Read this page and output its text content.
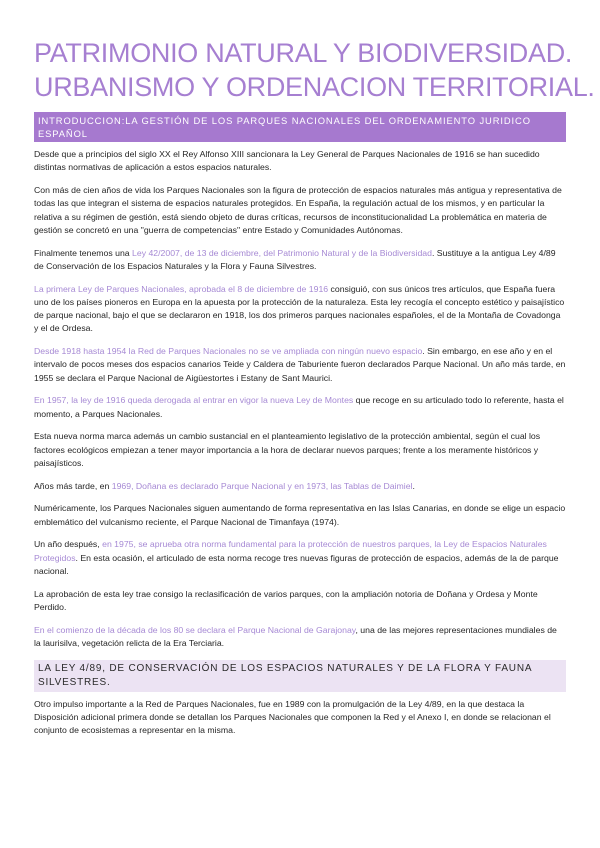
PATRIMONIO NATURAL Y BIODIVERSIDAD.
URBANISMO Y ORDENACION TERRITORIAL.
INTRODUCCION:LA GESTIÓN DE LOS PARQUES NACIONALES DEL ORDENAMIENTO JURIDICO ESPAÑOL

Desde que a principios del siglo XX el Rey Alfonso XIII sancionara la Ley General de Parques Nacionales de 1916 se han sucedido distintas normativas de aplicación a estos espacios naturales.

Con más de cien años de vida los Parques Nacionales son la figura de protección de espacios naturales más antigua y representativa de todas las que integran el sistema de espacios naturales protegidos. En España, la regulación actual de los mismos, y en particular la relativa a su régimen de gestión, está siendo objeto de duras críticas, recursos de inconstitucionalidad La problemática en materia de gestión se concretó en una "guerra de competencias" entre Estado y Comunidades Autónomas.

Finalmente tenemos una Ley 42/2007, de 13 de diciembre, del Patrimonio Natural y de la Biodiversidad. Sustituye a la antigua Ley 4/89 de Conservación de los Espacios Naturales y la Flora y Fauna Silvestres.

La primera Ley de Parques Nacionales, aprobada el 8 de diciembre de 1916 consiguió, con sus únicos tres artículos, que España fuera uno de los países pioneros en Europa en la apuesta por la protección de la naturaleza. Esta ley recogía el concepto estético y paisajístico de parque nacional, bajo el que se declararon en 1918, los dos primeros parques nacionales españoles, el de la Montaña de Covadonga y el de Ordesa.

Desde 1918 hasta 1954 la Red de Parques Nacionales no se ve ampliada con ningún nuevo espacio. Sin embargo, en ese año y en el intervalo de pocos meses dos espacios canarios Teide y Caldera de Taburiente fueron declarados Parque Nacional. Un año más tarde, en 1955 se declara el Parque Nacional de Aigüestortes i Estany de Sant Maurici.

En 1957, la ley de 1916 queda derogada al entrar en vigor la nueva Ley de Montes que recoge en su articulado todo lo referente, hasta el momento, a Parques Nacionales.

Esta nueva norma marca además un cambio sustancial en el planteamiento legislativo de la protección ambiental, según el cual los factores ecológicos empiezan a tener mayor importancia a la hora de declarar nuevos parques; frente a los meramente históricos y paisajísticos.

Años más tarde, en 1969, Doñana es declarado Parque Nacional y en 1973, las Tablas de Daimiel.

Numéricamente, los Parques Nacionales siguen aumentando de forma representativa en las Islas Canarias, en donde se elige un espacio emblemático del vulcanismo reciente, el Parque Nacional de Timanfaya (1974).

Un año después, en 1975, se aprueba otra norma fundamental para la protección de nuestros parques, la Ley de Espacios Naturales Protegidos. En esta ocasión, el articulado de esta norma recoge tres nuevas figuras de protección de espacios, además de la de parque nacional.

La aprobación de esta ley trae consigo la reclasificación de varios parques, con la ampliación notoria de Doñana y Ordesa y Monte Perdido.

En el comienzo de la década de los 80 se declara el Parque Nacional de Garajonay, una de las mejores representaciones mundiales de la laurisilva, vegetación relicta de la Era Terciaria.

LA LEY 4/89, DE CONSERVACIÓN DE LOS ESPACIOS NATURALES Y DE LA FLORA Y FAUNA SILVESTRES.

Otro impulso importante a la Red de Parques Nacionales, fue en 1989 con la promulgación de la Ley 4/89, en la que destaca la Disposición adicional primera donde se detallan los Parques Nacionales que componen la Red y el Anexo I, en donde se relacionan el conjunto de ecosistemas a representar en la misma.
